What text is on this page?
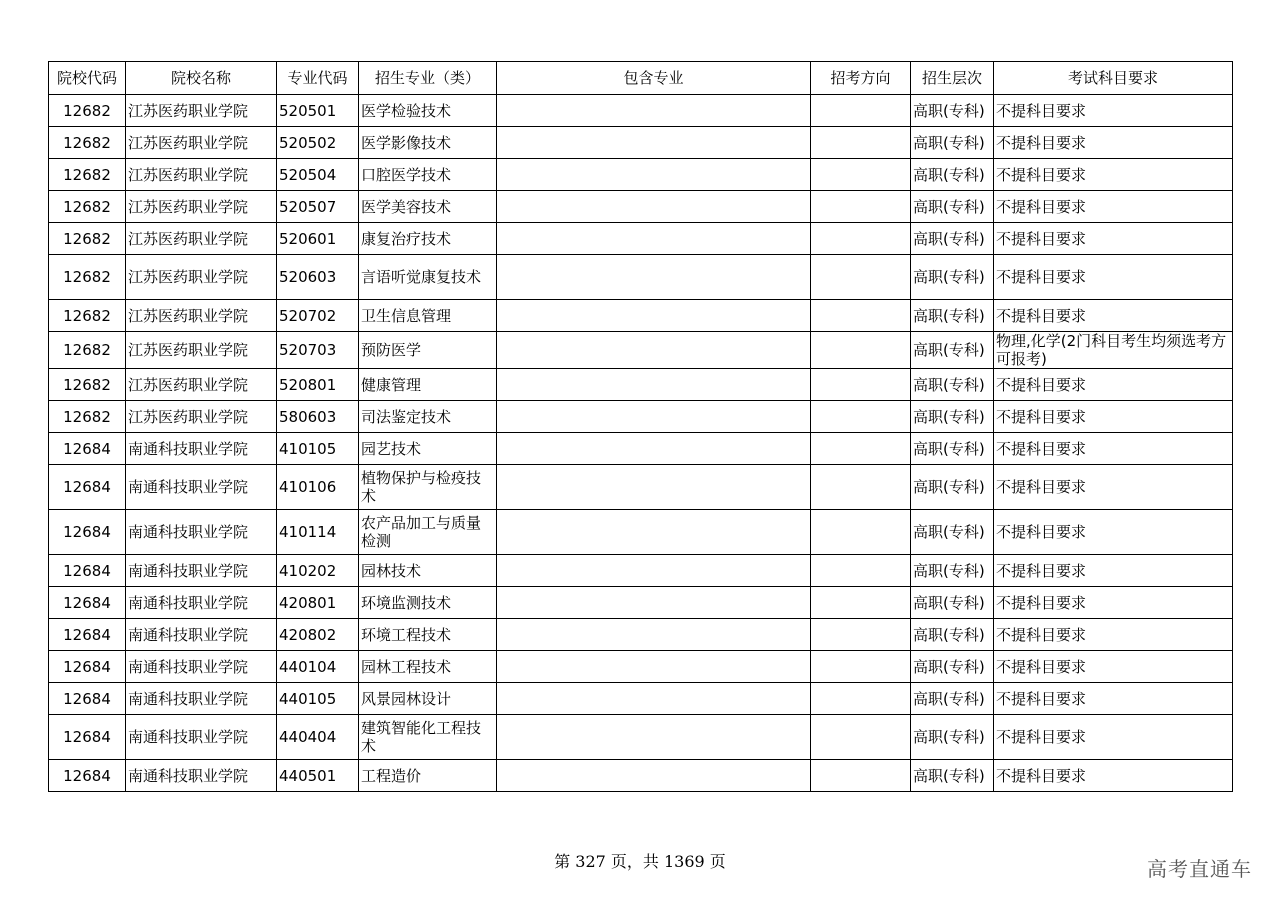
院校代码	院校名称	专业代码	招生专业（类）	包含专业	招考方向	招生层次	考试科目要求
12682	江苏医药职业学院	520501	医学检验技术			高职(专科)	不提科目要求
12682	江苏医药职业学院	520502	医学影像技术			高职(专科)	不提科目要求
12682	江苏医药职业学院	520504	口腔医学技术			高职(专科)	不提科目要求
12682	江苏医药职业学院	520507	医学美容技术			高职(专科)	不提科目要求
12682	江苏医药职业学院	520601	康复治疗技术			高职(专科)	不提科目要求
12682	江苏医药职业学院	520603	言语听觉康复技术			高职(专科)	不提科目要求
12682	江苏医药职业学院	520702	卫生信息管理			高职(专科)	不提科目要求
12682	江苏医药职业学院	520703	预防医学			高职(专科)	物理,化学(2门科目考生均须选考方可报考)
12682	江苏医药职业学院	520801	健康管理			高职(专科)	不提科目要求
12682	江苏医药职业学院	580603	司法鉴定技术			高职(专科)	不提科目要求
12684	南通科技职业学院	410105	园艺技术			高职(专科)	不提科目要求
12684	南通科技职业学院	410106	植物保护与检疫技术			高职(专科)	不提科目要求
12684	南通科技职业学院	410114	农产品加工与质量检测			高职(专科)	不提科目要求
12684	南通科技职业学院	410202	园林技术			高职(专科)	不提科目要求
12684	南通科技职业学院	420801	环境监测技术			高职(专科)	不提科目要求
12684	南通科技职业学院	420802	环境工程技术			高职(专科)	不提科目要求
12684	南通科技职业学院	440104	园林工程技术			高职(专科)	不提科目要求
12684	南通科技职业学院	440105	风景园林设计			高职(专科)	不提科目要求
12684	南通科技职业学院	440404	建筑智能化工程技术			高职(专科)	不提科目要求
12684	南通科技职业学院	440501	工程造价			高职(专科)	不提科目要求
第 327 页，共 1369 页	高考直通车
